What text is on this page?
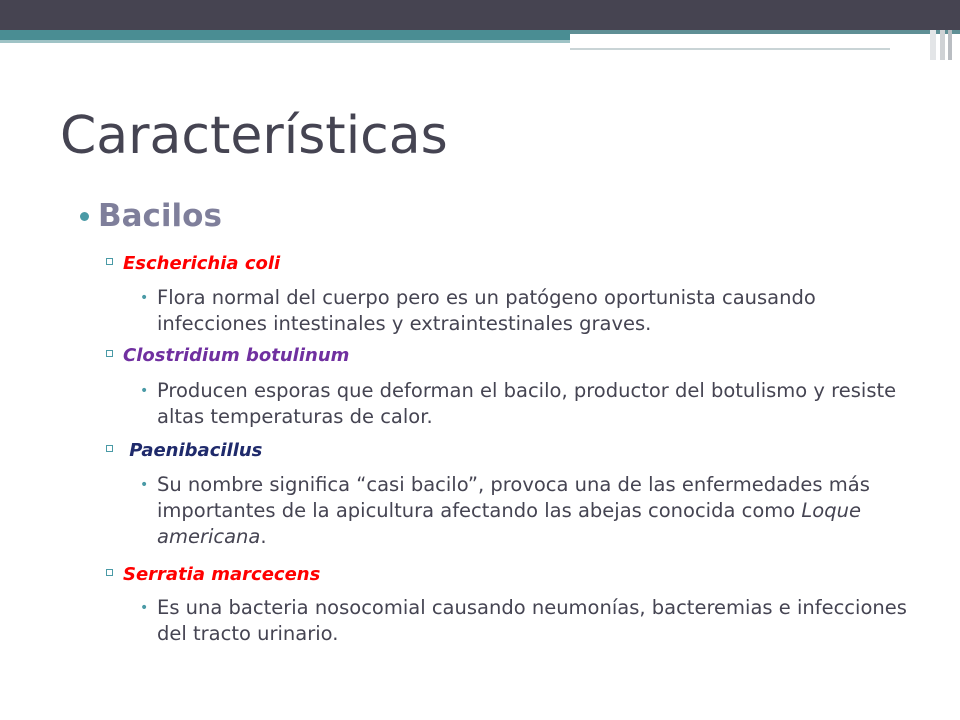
Características
Bacilos
Escherichia coli
• Flora normal del cuerpo pero es un patógeno oportunista causando infecciones intestinales y extraintestinales graves.
Clostridium botulinum
• Producen esporas que deforman el bacilo, productor del botulismo y resiste altas temperaturas de calor.
Paenibacillus
• Su nombre significa “casi bacilo”, provoca una de las enfermedades más importantes de la apicultura afectando las abejas conocida como Loque americana.
Serratia marcecens
• Es una bacteria nosocomial causando neumonías, bacteremias e infecciones del tracto urinario.
